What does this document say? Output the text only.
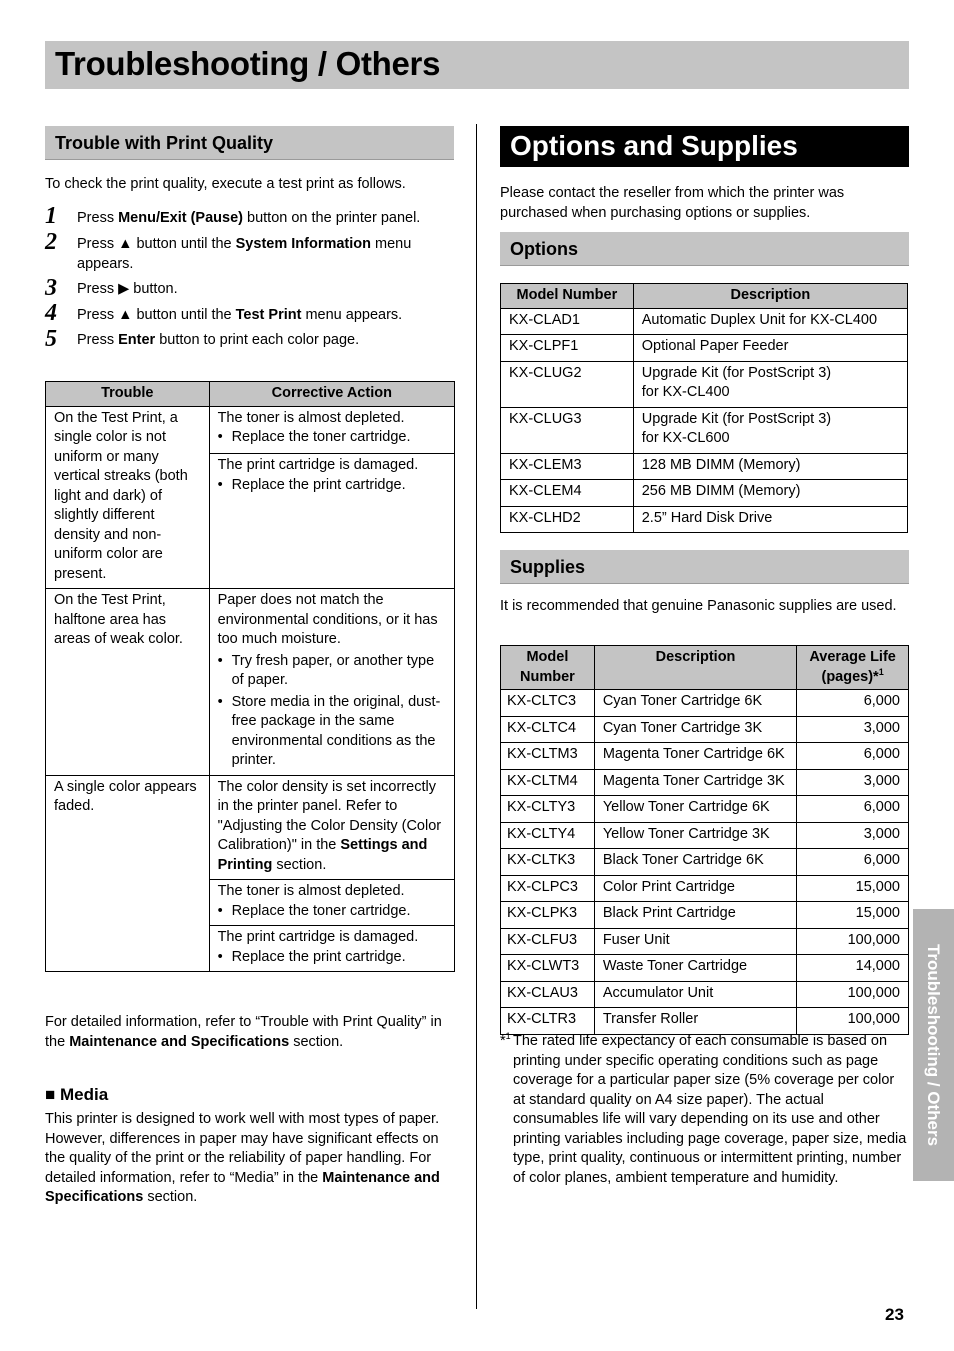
Troubleshooting / Others
Trouble with Print Quality
To check the print quality, execute a test print as follows.
1 Press Menu/Exit (Pause) button on the printer panel.
2 Press ▲ button until the System Information menu appears.
3 Press ▶ button.
4 Press ▲ button until the Test Print menu appears.
5 Press Enter button to print each color page.
Trouble	Corrective Action
On the Test Print, a single color is not uniform or many vertical streaks (both light and dark) of slightly different density and non-uniform color are present.	The toner is almost depleted.
• Replace the toner cartridge.

	The print cartridge is damaged.
• Replace the print cartridge.

On the Test Print, halftone area has areas of weak color.	Paper does not match the environmental conditions, or it has too much moisture.
• Try fresh paper, or another type of paper.
• Store media in the original, dust-free package in the same environmental conditions as the printer.

A single color appears faded.	The color density is set incorrectly in the printer panel. Refer to "Adjusting the Color Density (Color Calibration)" in the Settings and Printing section.
	The toner is almost depleted.
• Replace the toner cartridge.

	The print cartridge is damaged.
• Replace the print cartridge.
For detailed information, refer to “Trouble with Print Quality” in the Maintenance and Specifications section.
■ Media
This printer is designed to work well with most types of paper. However, differences in paper may have significant effects on the quality of the print or the reliability of paper handling. For detailed information, refer to “Media” in the Maintenance and Specifications section.
Options and Supplies
Please contact the reseller from which the printer was purchased when purchasing options or supplies.
Options
Model Number	Description
KX-CLAD1	Automatic Duplex Unit for KX-CL400
KX-CLPF1	Optional Paper Feeder
KX-CLUG2	Upgrade Kit (for PostScript 3)
for KX-CL400
KX-CLUG3	Upgrade Kit (for PostScript 3)
for KX-CL600
KX-CLEM3	128 MB DIMM (Memory)
KX-CLEM4	256 MB DIMM (Memory)
KX-CLHD2	2.5” Hard Disk Drive
Supplies
It is recommended that genuine Panasonic supplies are used.
Model
Number	Description	Average Life
(pages)*$^1$
KX-CLTC3	Cyan Toner Cartridge 6K	6,000
KX-CLTC4	Cyan Toner Cartridge 3K	3,000
KX-CLTM3	Magenta Toner Cartridge 6K	6,000
KX-CLTM4	Magenta Toner Cartridge 3K	3,000
KX-CLTY3	Yellow Toner Cartridge 6K	6,000
KX-CLTY4	Yellow Toner Cartridge 3K	3,000
KX-CLTK3	Black Toner Cartridge 6K	6,000
KX-CLPC3	Color Print Cartridge	15,000
KX-CLPK3	Black Print Cartridge	15,000
KX-CLFU3	Fuser Unit	100,000
KX-CLWT3	Waste Toner Cartridge	14,000
KX-CLAU3	Accumulator Unit	100,000
KX-CLTR3	Transfer Roller	100,000
*$^1$ The rated life expectancy of each consumable is based on printing under specific operating conditions such as page coverage for a particular paper size (5% coverage per color at standard quality on A4 size paper). The actual consumables life will vary depending on its use and other printing variables including page coverage, paper size, media type, print quality, continuous or intermittent printing, number of color planes, ambient temperature and humidity.
Troubleshooting / Others
23
